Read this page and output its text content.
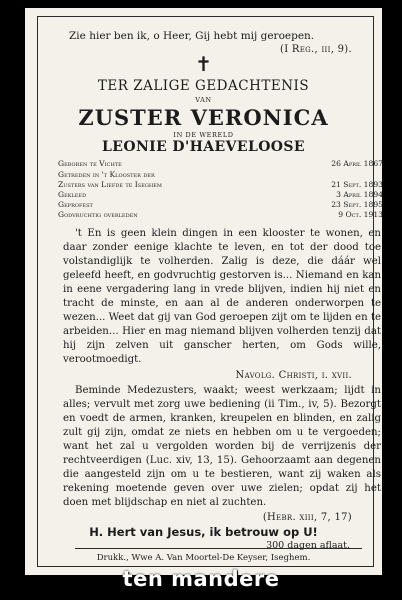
Zie hier ben ik, o Heer, Gij hebt mij geroepen.
(I Reg., iii, 9).
✝
TER ZALIGE GEDACHTENIS
VAN
ZUSTER VERONICA
IN DE WERELD
LEONIE D'HAEVELOOSE
Geboren te Vichte	26 April 1867
Getreden in 't Klooster der
Zusters van Liefde te Iseghem	21 Sept. 1893
Gekleed	3 April 1894
Geprofest	23 Sept. 1895
Godvruchtig overleden	9 Oct. 1913
't En is geen klein dingen in een klooster te wonen, en daar zonder eenige klachte te leven, en tot der dood toe volstandiglijk te volherden. Zalig is deze, die dáár wel geleefd heeft, en godvruchtig gestorven is... Niemand en kan in eene vergadering lang in vrede blijven, indien hij niet en tracht de minste, en aan al de anderen onderworpen te wezen... Weet dat gij van God geroepen zijt om te lijden en te arbeiden... Hier en mag niemand blijven volherden tenzij dat hij zijn zelven uit ganscher herten, om Gods wille, verootmoedigt.
Navolg. Christi, i. xvii.
Beminde Medezusters, waakt; weest werkzaam; lijdt in alles; vervult met zorg uwe bediening (ii Tim., iv, 5). Bezorgt en voedt de armen, kranken, kreupelen en blinden, en zalig zult gij zijn, omdat ze niets en hebben om u te vergoeden; want het zal u vergolden worden bij de verrijzenis der rechtveerdigen (Luc. xiv, 13, 15). Gehoorzaamt aan degenen die aangesteld zijn om u te bestieren, want zij waken als rekening moetende geven over uwe zielen; opdat zij het doen met blijdschap en niet al zuchten.
(Hebr. xiii, 7, 17)
H. Hert van Jesus, ik betrouw op U!
300 dagen aflaat.
Drukk., Wwe A. Van Moortel-De Keyser, Iseghem.
ten mandere
